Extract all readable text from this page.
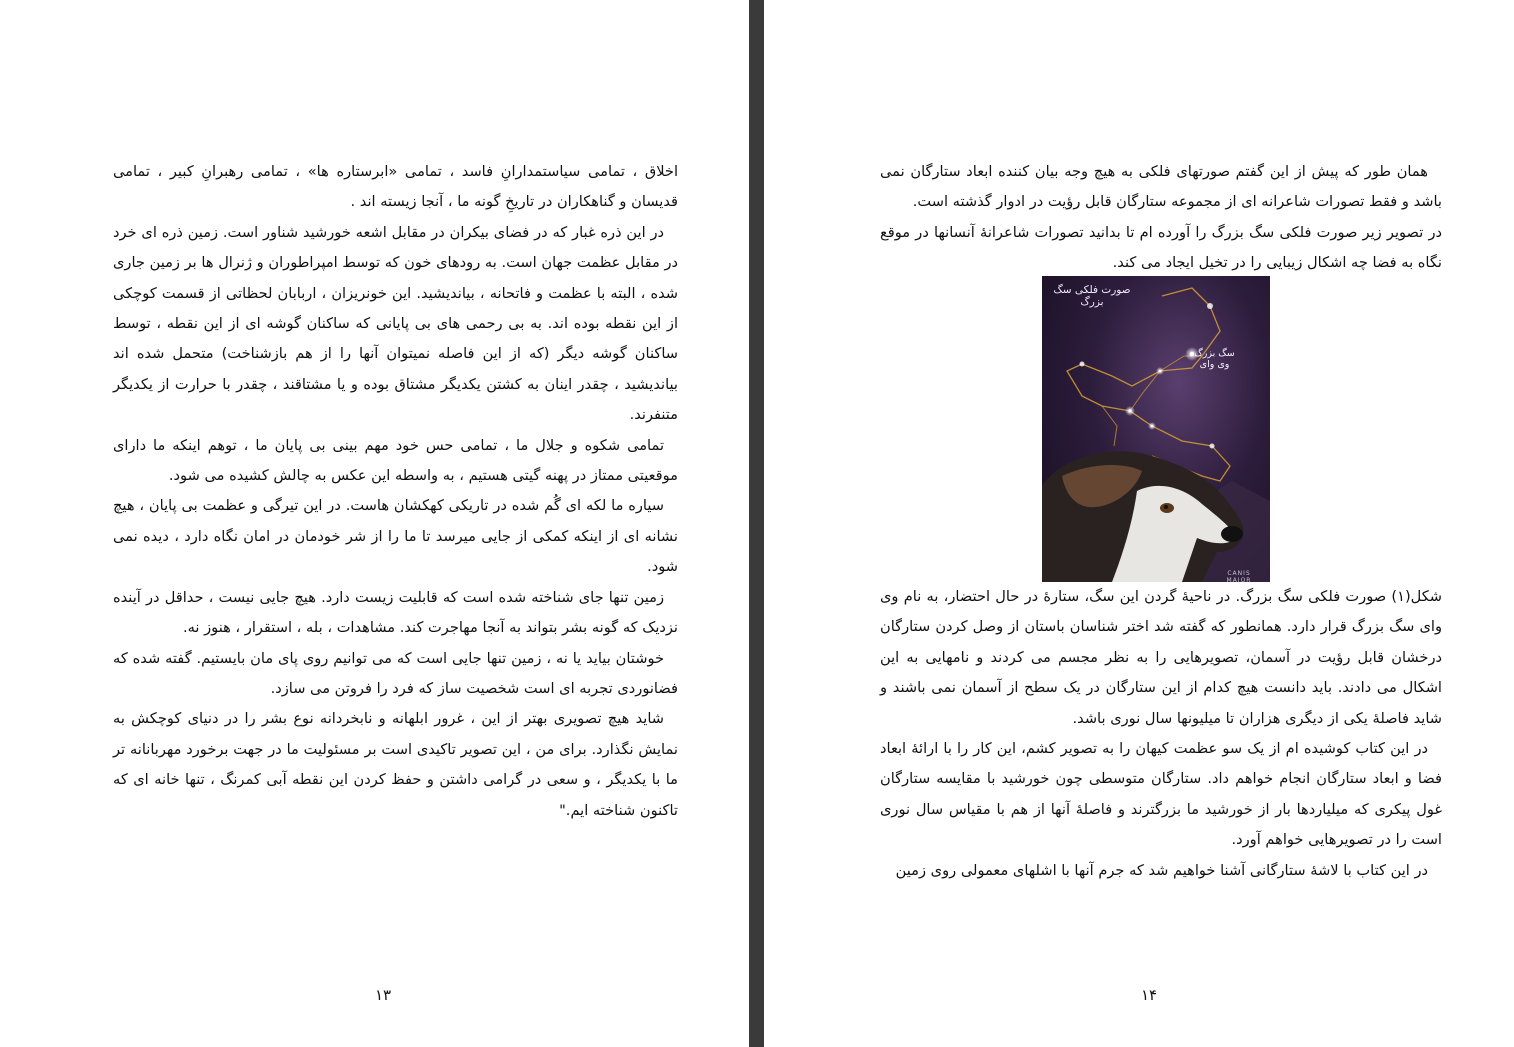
اخلاق ، تمامی سیاستمدارانِ فاسد ، تمامی «ابرستاره ها» ، تمامی رهبرانِ کبیر ، تمامی قدیسان و گناهکاران در تاریخِ گونه ما ، آنجا زیسته اند .

در این ذره غبار که در فضای بیکران در مقابل اشعه خورشید شناور است. زمین ذره ای خرد در مقابل عظمت جهان است. به رودهای خون که توسط امپراطوران و ژنرال ها بر زمین جاری شده ، البته با عظمت و فاتحانه ، بیاندیشید. این خونریزان ، اربابان لحظاتی از قسمت کوچکی از این نقطه بوده اند. به بی رحمی های بی پایانی که ساکنان گوشه ای از این نقطه ، توسط ساکنان گوشه دیگر (که از این فاصله نمیتوان آنها را از هم بازشناخت) متحمل شده اند بیاندیشید ، چقدر اینان به کشتن یکدیگر مشتاق بوده و یا مشتاقند ، چقدر با حرارت از یکدیگر متنفرند.

تمامی شکوه و جلال ما ، تمامی حس خود مهم بینی بی پایان ما ، توهم اینکه ما دارای موقعیتی ممتاز در پهنه گیتی هستیم ، به واسطه این عکس به چالش کشیده می شود.

سیاره ما لکه ای گُم شده در تاریکی کهکشان هاست. در این تیرگی و عظمت بی پایان ، هیچ نشانه ای از اینکه کمکی از جایی میرسد تا ما را از شر خودمان در امان نگاه دارد ، دیده نمی شود.

زمین تنها جای شناخته شده است که قابلیت زیست دارد. هیچ جایی نیست ، حداقل در آینده نزدیک که گونه بشر بتواند به آنجا مهاجرت کند. مشاهدات ، بله ، استقرار ، هنوز نه.

خوشتان بیاید یا نه ، زمین تنها جایی است که می توانیم روی پای مان بایستیم. گفته شده که فضانوردی تجربه ای است شخصیت ساز که فرد را فروتن می سازد.

شاید هیچ تصویری بهتر از این ، غرور ابلهانه و نابخردانه نوع بشر را در دنیای کوچکش به نمایش نگذارد. برای من ، این تصویر تاکیدی است بر مسئولیت ما در جهت برخورد مهربانانه تر ما با یکدیگر ، و سعی در گرامی داشتن و حفظ کردن این نقطه آبی کمرنگ ، تنها خانه ای که تاکنون شناخته ایم."

۱۳

همان طور که پیش از این گفتم صورتهای فلکی به هیچ وجه بیان کننده ابعاد ستارگان نمی باشد و فقط تصورات شاعرانه ای از مجموعه ستارگان قابل رؤیت در ادوار گذشته است.

در تصویر زیر صورت فلکی سگ بزرگ را آورده ام تا بدانید تصورات شاعرانهٔ آنسانها در موقع نگاه به فضا چه اشکال زیبایی را در تخیل ایجاد می کند.

صورت فلکی سگ بزرگ
سگ بزرگ وی وای
CANIS MAJOR

شکل(۱) صورت فلکی سگ بزرگ. در ناحیهٔ گردن این سگ، ستارهٔ در حال احتضار، به نام وی وای سگ بزرگ قرار دارد. همانطور که گفته شد اختر شناسان باستان از وصل کردن ستارگان درخشان قابل رؤیت در آسمان، تصویرهایی را به نظر مجسم می کردند و نامهایی به این اشکال می دادند. باید دانست هیچ کدام از این ستارگان در یک سطح از آسمان نمی باشند و شاید فاصلهٔ یکی از دیگری هزاران تا میلیونها سال نوری باشد.

در این کتاب کوشیده ام از یک سو عظمت کیهان را به تصویر کشم، این کار را با ارائهٔ ابعاد فضا و ابعاد ستارگان انجام خواهم داد. ستارگان متوسطی چون خورشید با مقایسه ستارگان غول پیکری که میلیاردها بار از خورشید ما بزرگترند و فاصلهٔ آنها از هم با مقیاس سال نوری است را در تصویرهایی خواهم آورد.

در این کتاب با لاشهٔ ستارگانی آشنا خواهیم شد که جرم آنها با اشلهای معمولی روی زمین

۱۴
